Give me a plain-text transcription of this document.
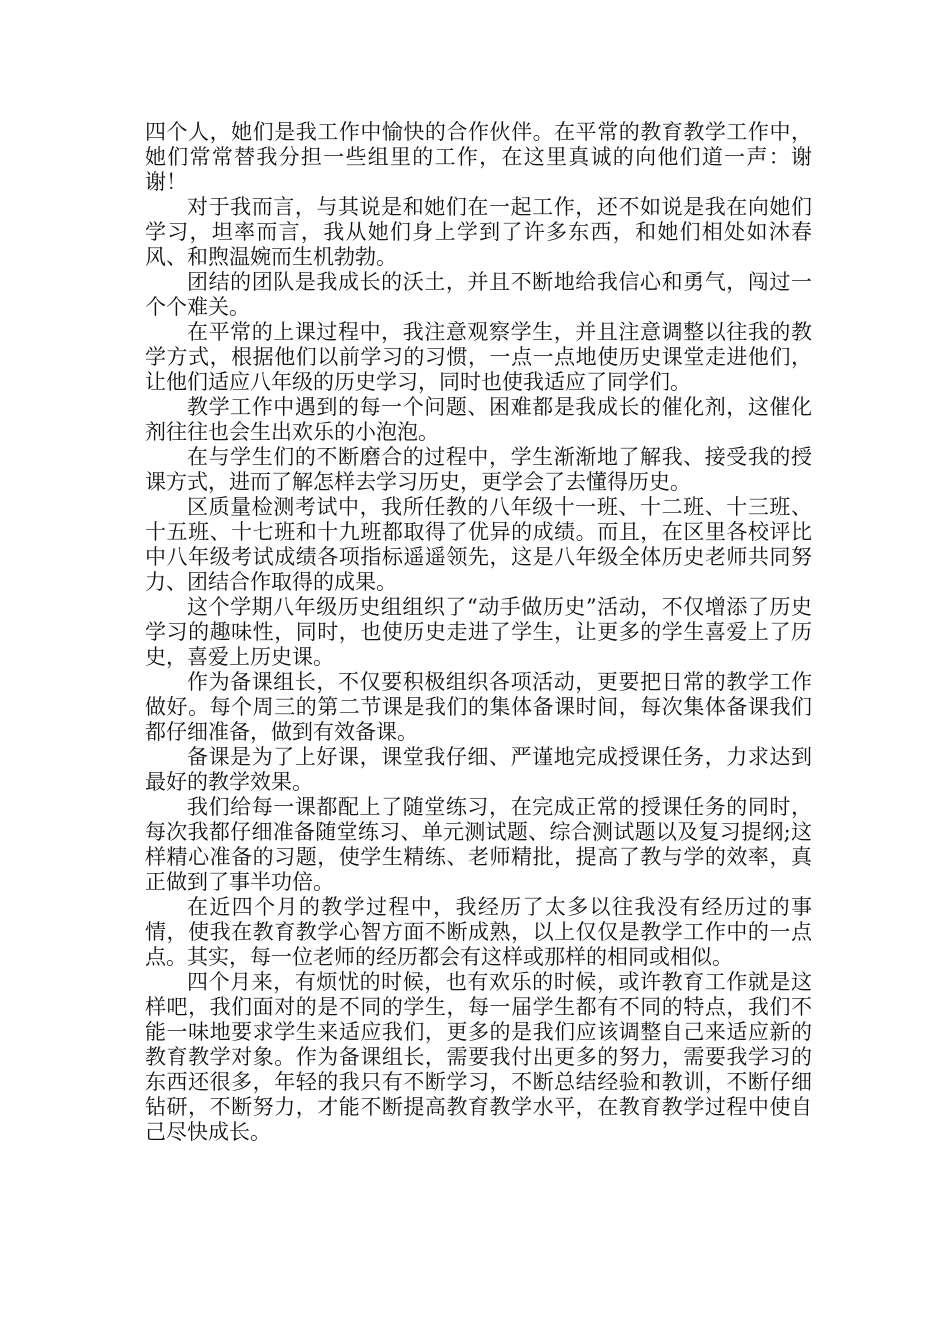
四个人，她们是我工作中愉快的合作伙伴。在平常的教育教学工作中，她们常常替我分担一些组里的工作，在这里真诚的向他们道一声：谢谢！

对于我而言，与其说是和她们在一起工作，还不如说是我在向她们学习，坦率而言，我从她们身上学到了许多东西，和她们相处如沐春风、和煦温婉而生机勃勃。

团结的团队是我成长的沃土，并且不断地给我信心和勇气，闯过一个个难关。

在平常的上课过程中，我注意观察学生，并且注意调整以往我的教学方式，根据他们以前学习的习惯，一点一点地使历史课堂走进他们，让他们适应八年级的历史学习，同时也使我适应了同学们。

教学工作中遇到的每一个问题、困难都是我成长的催化剂，这催化剂往往也会生出欢乐的小泡泡。

在与学生们的不断磨合的过程中，学生渐渐地了解我、接受我的授课方式，进而了解怎样去学习历史，更学会了去懂得历史。

区质量检测考试中，我所任教的八年级十一班、十二班、十三班、十五班、十七班和十九班都取得了优异的成绩。而且，在区里各校评比中八年级考试成绩各项指标遥遥领先，这是八年级全体历史老师共同努力、团结合作取得的成果。

这个学期八年级历史组组织了“动手做历史”活动，不仅增添了历史学习的趣味性，同时，也使历史走进了学生，让更多的学生喜爱上了历史，喜爱上历史课。

作为备课组长，不仅要积极组织各项活动，更要把日常的教学工作做好。每个周三的第二节课是我们的集体备课时间，每次集体备课我们都仔细准备，做到有效备课。

备课是为了上好课，课堂我仔细、严谨地完成授课任务，力求达到最好的教学效果。

我们给每一课都配上了随堂练习，在完成正常的授课任务的同时，每次我都仔细准备随堂练习、单元测试题、综合测试题以及复习提纲;这样精心准备的习题，使学生精练、老师精批，提高了教与学的效率，真正做到了事半功倍。

在近四个月的教学过程中，我经历了太多以往我没有经历过的事情，使我在教育教学心智方面不断成熟，以上仅仅是教学工作中的一点点。其实，每一位老师的经历都会有这样或那样的相同或相似。

四个月来，有烦忧的时候，也有欢乐的时候，或许教育工作就是这样吧，我们面对的是不同的学生，每一届学生都有不同的特点，我们不能一味地要求学生来适应我们，更多的是我们应该调整自己来适应新的教育教学对象。作为备课组长，需要我付出更多的努力，需要我学习的东西还很多，年轻的我只有不断学习，不断总结经验和教训，不断仔细钻研，不断努力，才能不断提高教育教学水平，在教育教学过程中使自己尽快成长。
